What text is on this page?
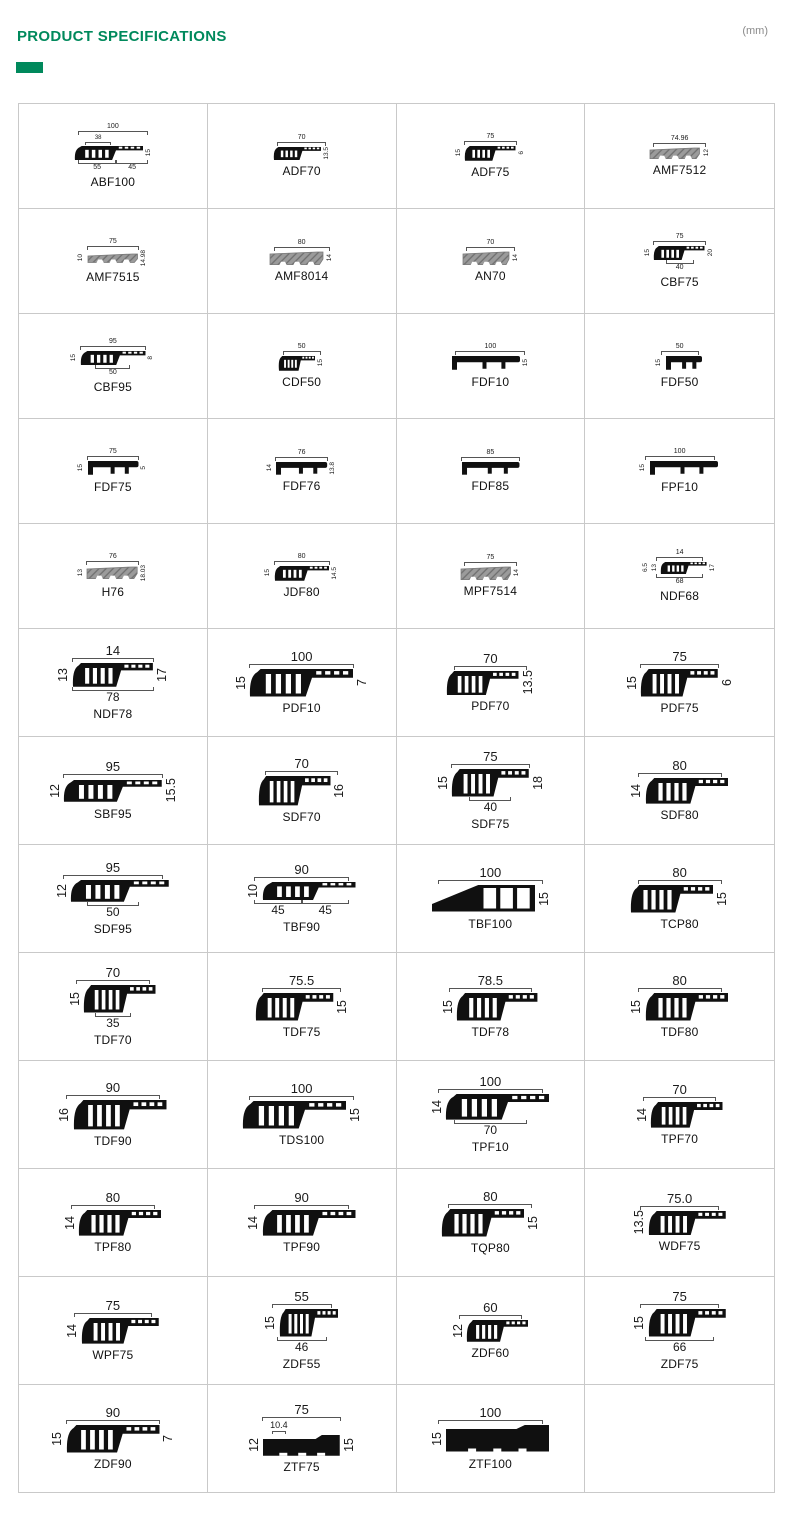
PRODUCT SPECIFICATIONS	(mm)
100
38
15
55	45
ABF100
70
13.5
ADF70
75
15	6
ADF75
74.96
12
AMF7512
75
10	14.98
AMF7515
80
14
AMF8014
70
14
AN70
75
15	20
40
CBF75
95
15	8
50
CBF95
50
15
CDF50
100
15
FDF10
50
15
FDF50
75
15	5
FDF75
76
14	13.8
FDF76
85
FDF85
100
15
FPF10
76
13	18.03
H76
80
15	14.5
JDF80
75
14
MPF7514
14
6.5 13	17
68
NDF68
14
13	17
78
NDF78
100
15	7
PDF10
70
13.5
PDF70
75
15	6
PDF75
95
12	15.5
SBF95
70
16
SDF70
75
15	18
40
SDF75
80
14
SDF80
95
12
50
SDF95
90
10
45	45
TBF90
100
15
TBF100
80
15
TCP80
70
15
35
TDF70
75.5
15
TDF75
78.5
15
TDF78
80
15
TDF80
90
16
TDF90
100
15
TDS100
100
14
70
TPF10
70
14
TPF70
80
14
TPF80
90
14
TPF90
80
15
TQP80
75.0
13.5
WDF75
75
14
WPF75
55
15
46
ZDF55
60
12
ZDF60
75
15
66
ZDF75
90
15	7
ZDF90
75
10.4
12	15
ZTF75
100
15
ZTF100
